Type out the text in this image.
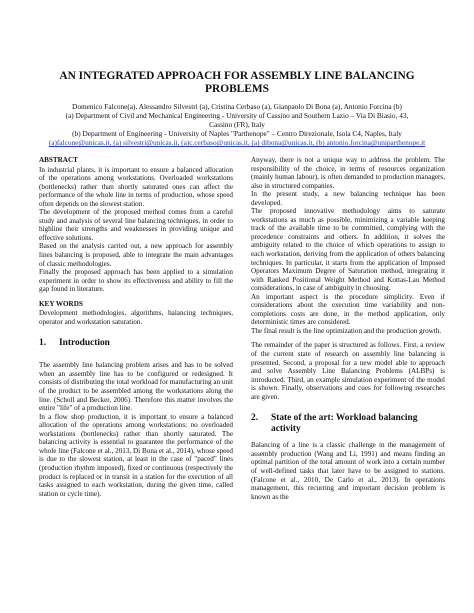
AN INTEGRATED APPROACH FOR ASSEMBLY LINE BALANCING PROBLEMS
Domenico Falcone(a), Alessandro Silvestri (a), Cristina Cerbaso (a), Gianpaolo Di Bona (a), Antonio Forcina (b)
(a) Department of Civil and Mechanical Engineering - University of Cassino and Southern Lazio – Via Di Biasio, 43,
Cassino (FR), Italy
(b) Department of Engineering - University of Naples "Parthenope" – Centro Direzionale, Isola C4, Naples, Italy
(a)falcone@unicas.it, (a) silvestri@unicas.it, (a)c.cerbaso@unicas.it, (a) dibona@unicas.it, (b) antonio.forcina@uniparthenope.it
ABSTRACT

In industrial plants, it is important to ensure a balanced allocation of the operations among workstations. Overloaded workstations (bottlenecks) rather than shortly saturated ones can affect the performance of the whole line in terms of production, whose speed often depends on the slowest station.

The development of the proposed method comes from a careful study and analysis of several line balancing techniques, in order to highline their strengths and weaknesses in providing unique and effective solutions.

Based on the analysis carried out, a new approach for assembly lines balancing is proposed, able to integrate the main advantages of classic methodologies.

Finally the proposed approach has been applied to a simulation experiment in order to show its effectiveness and ability to fill the gap found in literature.

KEY WORDS

Development methodologies, algorithms, balancing techniques, operator and workstation saturation.

1.	Introduction

The assembly line balancing problem arises and has to be solved when an assembly line has to be configured or redesigned. It consists of distributing the total workload for manufacturing an unit of the product to be assembled among the workstations along the line. (Scholl and Becker, 2006). Therefore this matter involves the entire "life" of a production line.

In a flow shop production, it is important to ensure a balanced allocation of the operations among workstations: no overloaded workstations (bottlenecks) rather than shortly saturated. The balancing activity is essential to guarantee the performance of the whole line (Falcone et al., 2013, Di Bona et al., 2014), whose speed is due to the slowest station, at least in the case of "paced" lines (production rhythm imposed), fixed or continuous (respectively the product is replaced or in transit in a station for the execution of all tasks assigned to each workstation, during the given time, called station or cycle time).

Anyway, there is not a unique way to address the problem. The responsibility of the choice, in terms of resources organization (mainly human labour), is often demanded to production managers, also in structured companies.

In the present study, a new balancing technique has been developed.

The proposed innovative methodology aims to saturate workstations as much as possible, minimizing a variable keeping track of the available time to be committed, complying with the precedence constraints and others. In addition, it solves the ambiguity related to the choice of which operations to assign to each workstation, deriving from the application of others balancing techniques. In particular, it starts from the application of Imposed Operators Maximum Degree of Saturation method, integrating it with Ranked Positional Weight Method and Kottas-Lau Method considerations, in case of ambiguity in choosing.

An important aspect is the procedure simplicity. Even if considerations about the execution time variability and non-completions costs are done, in the method application, only deterministic times are considered.

The final result is the line optimization and the production growth.

The remainder of the paper is structured as follows. First, a review of the current state of research on assembly line balancing is presented. Second, a proposal for a new model able to approach and solve Assembly Line Balancing Problems (ALBPs) is introducted. Third, an example simulation experiment of the model is shown. Finally, observations and cues for following researches are given.

2.	State of the art: Workload balancing activity

Balancing of a line is a classic challenge in the management of assembly production (Wang and Li, 1991) and means finding an optimal partition of the total amount of work into a certain number of well-defined tasks that later have to be assigned to stations. (Falcone et al., 2010, De Carlo et al., 2013). In operations management, this recurring and important decision problem is known as the
